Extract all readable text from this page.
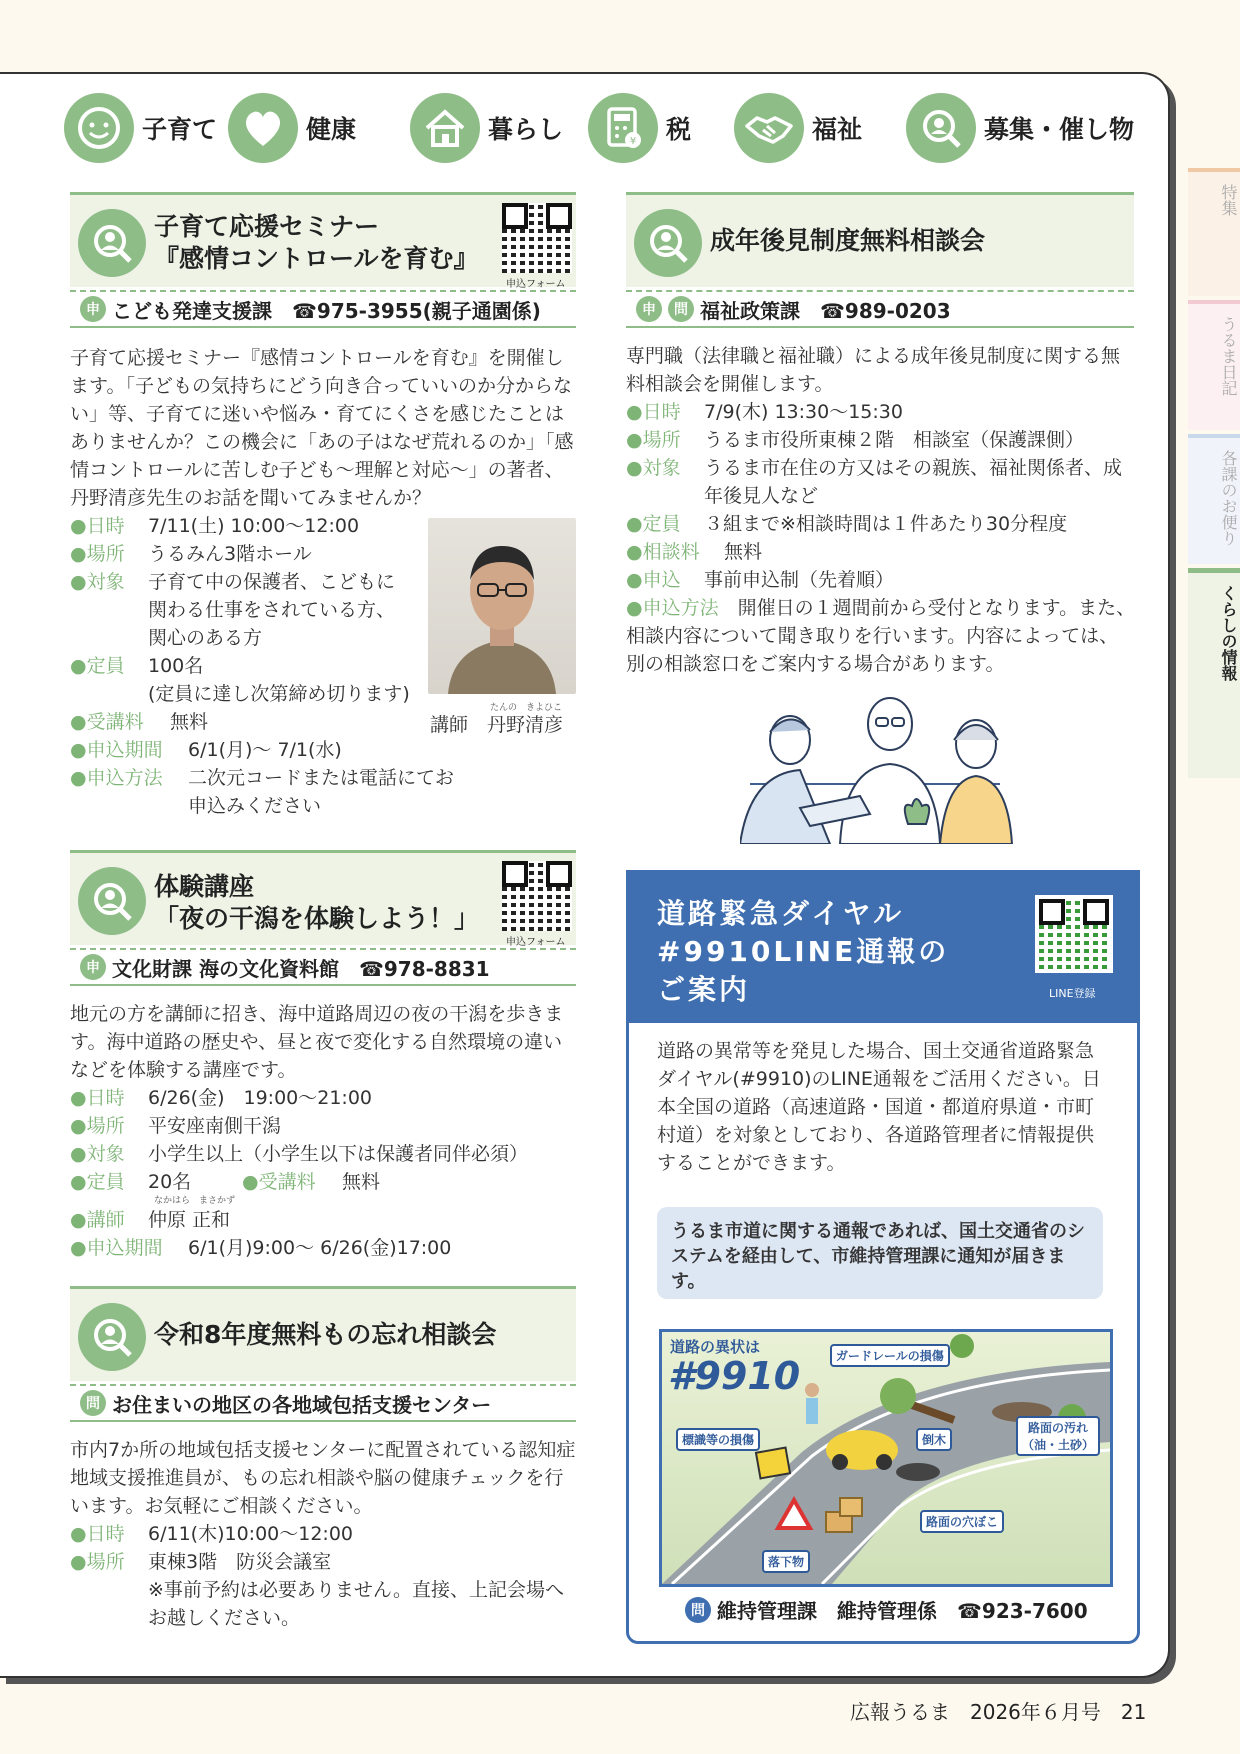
特集
うるま日記
各課のお便り
くらしの情報
子育て	健康	暮らし	¥ 税	福祉	募集・催し物
子育て応援セミナー
『感情コントロールを育む』
申込フォーム
申 こども発達支援課　☎975-3955(親子通園係)
子育て応援セミナー『感情コントロールを育む』を開催します。「子どもの気持ちにどう向き合っていいのか分からない」等、子育てに迷いや悩み・育てにくさを感じたことはありませんか？この機会に「あの子はなぜ荒れるのか」「感情コントロールに苦しむ子ども〜理解と対応〜」の著者、丹野清彦先生のお話を聞いてみませんか？
● 日時	7/11(土) 10:00〜12:00
● 場所	うるみん3階ホール
● 対象	子育て中の保護者、こどもに関わる仕事をされている方、関心のある方
● 定員	100名
(定員に達し次第締め切ります)
● 受講料	無料
● 申込期間	6/1(月)〜 7/1(水)
● 申込方法	二次元コードまたは電話にてお申込みください
たんの　きよひこ
講師　丹野清彦
成年後見制度無料相談会
申	問 福祉政策課　☎989-0203
専門職（法律職と福祉職）による成年後見制度に関する無料相談会を開催します。
● 日時	7/9(木) 13:30〜15:30
● 場所	うるま市役所東棟２階　相談室（保護課側）
● 対象	うるま市在住の方又はその親族、福祉関係者、成年後見人など
● 定員	３組まで※相談時間は１件あたり30分程度
● 相談料	無料
● 申込	事前申込制（先着順）
● 申込方法　 開催日の１週間前から受付となります。また、相談内容について聞き取りを行います。内容によっては、別の相談窓口をご案内する場合があります。
体験講座
「夜の干潟を体験しよう！」
申込フォーム
申 文化財課 海の文化資料館　☎978-8831
地元の方を講師に招き、海中道路周辺の夜の干潟を歩きます。海中道路の歴史や、昼と夜で変化する自然環境の違いなどを体験する講座です。
● 日時	6/26(金)　19:00〜21:00
● 場所	平安座南側干潟
● 対象	小学生以上（小学生以下は保護者同伴必須）
● 定員	20名
●	受講料	無料
なかはら　まさかず
● 講師	仲原 正和
● 申込期間	6/1(月)9:00〜 6/26(金)17:00
令和8年度無料もの忘れ相談会
問 お住まいの地区の各地域包括支援センター
市内7か所の地域包括支援センターに配置されている認知症地域支援推進員が、もの忘れ相談や脳の健康チェックを行います。お気軽にご相談ください。
● 日時	6/11(木)10:00〜12:00
● 場所	東棟3階　防災会議室
※事前予約は必要ありません。直接、上記会場へお越しください。
道路緊急ダイヤル
#9910LINE通報の
ご案内	LINE登録
道路の異常等を発見した場合、国土交通省道路緊急ダイヤル(#9910)のLINE通報をご活用ください。日本全国の道路（高速道路・国道・都道府県道・市町村道）を対象としており、各道路管理者に情報提供することができます。
うるま市道に関する通報であれば、国土交通省のシステムを経由して、市維持管理課に通知が届きます。
道路の異状は
#9910	ガードレールの損傷
標識等の損傷	倒木
路面の汚れ
（油・土砂）
路面の穴ぼこ
落下物
問 維持管理課　維持管理係　☎923-7600
広報うるま　2026年６月号　21
